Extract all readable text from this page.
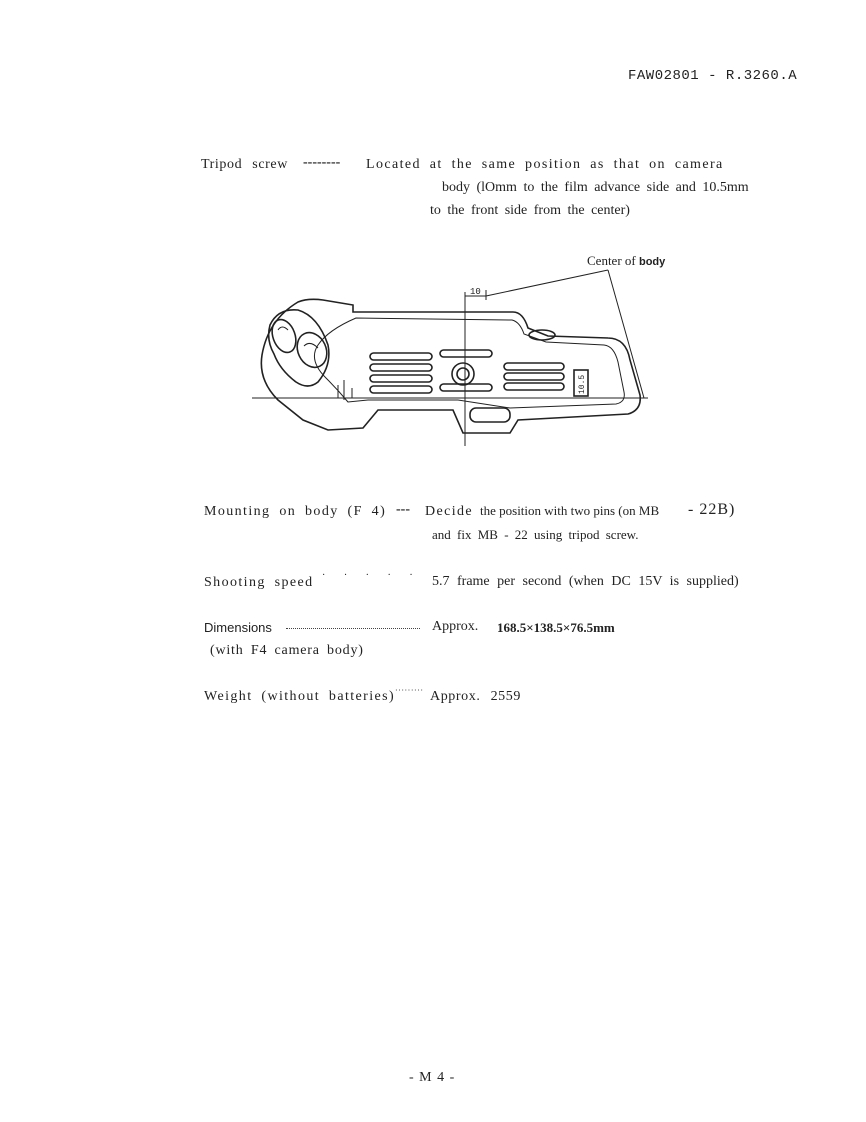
FAW02801 - R.3260.A
Tripod screw -------- Located at the same position as that on camera
body (lOmm to the film advance side and 10.5mm
to the front side from the center)
10
10.5
Center of body
Mounting on body (F 4) --- Decide the position with two pins (on MB - 22B)
and fix MB - 22 using tripod screw.
Shooting speed · · · · · 5.7 frame per second (when DC 15V is supplied)
Dimensions	Approx. 168.5×138.5×76.5mm
(with F4 camera body)
Weight (without batteries) ········· Approx. 2559
- M 4 -
